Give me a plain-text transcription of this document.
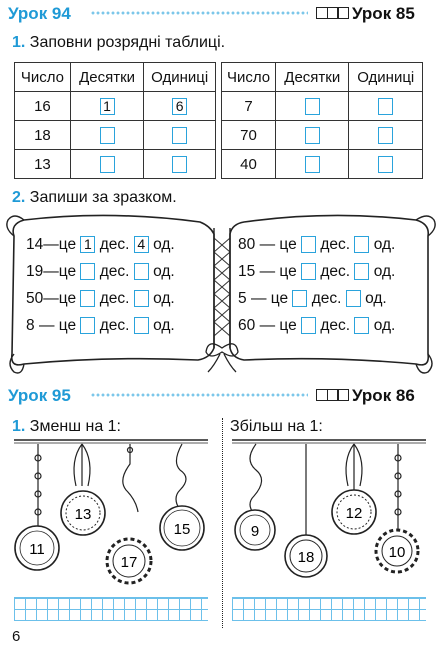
Урок 94	Урок 85
1. Заповни розрядні таблиці.
Число	Десятки	Одиниці
16	1	6
18		
13		
Число	Десятки	Одиниці
7		
70		
40		
2. Запиши за зразком.
14—це 1 дес. 4 од.
19—це дес. од.
50—це дес. од.
8 — це дес. од.
80 — це дес. од.
15 — це дес. од.
5 — це дес. од.
60 — це дес. од.
Урок 95	Урок 86
1. Зменш на 1:	Збільш на 1:
13
11
17
15	9
18
12
10
6
